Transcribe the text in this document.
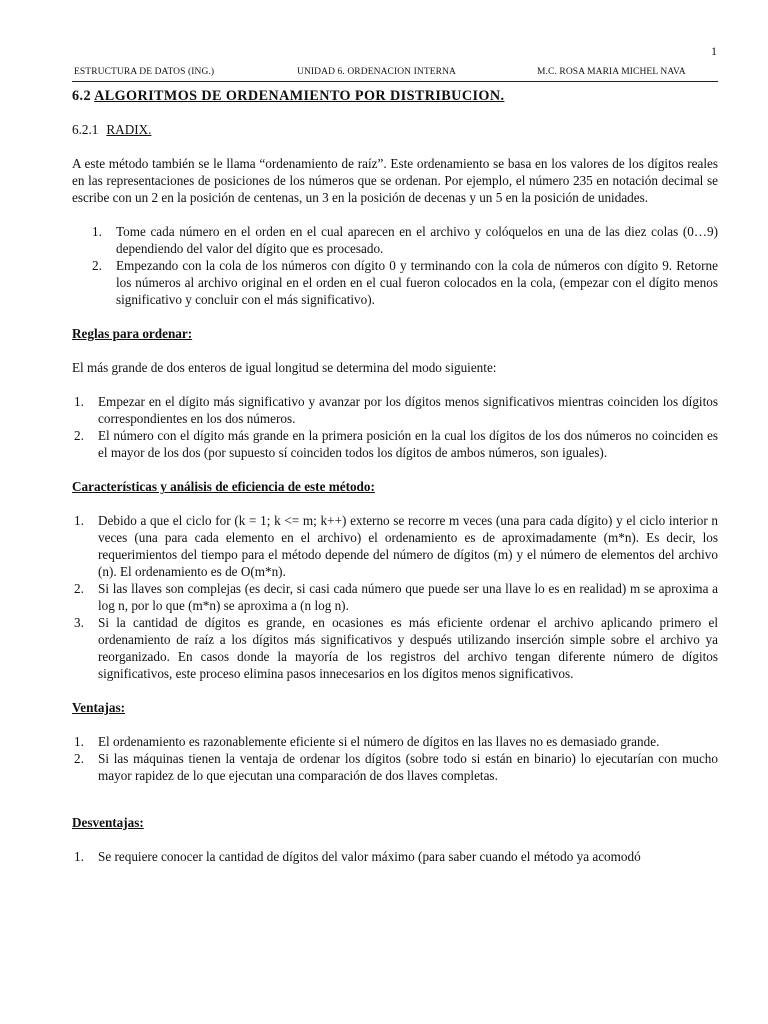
1
ESTRUCTURA DE DATOS (ING.)	UNIDAD 6. ORDENACION INTERNA	M.C. ROSA MARIA MICHEL NAVA
6.2 ALGORITMOS DE ORDENAMIENTO POR DISTRIBUCION.
6.2.1 RADIX.

A este método también se le llama “ordenamiento de raíz”. Este ordenamiento se basa en los valores de los dígitos reales en las representaciones de posiciones de los números que se ordenan. Por ejemplo, el número 235 en notación decimal se escribe con un 2 en la posición de centenas, un 3 en la posición de decenas y un 5 en la posición de unidades.

1. Tome cada número en el orden en el cual aparecen en el archivo y colóquelos en una de las diez colas (0…9) dependiendo del valor del dígito que es procesado.
2. Empezando con la cola de los números con dígito 0 y terminando con la cola de números con dígito 9. Retorne los números al archivo original en el orden en el cual fueron colocados en la cola, (empezar con el dígito menos significativo y concluir con el más significativo).

Reglas para ordenar:

El más grande de dos enteros de igual longitud se determina del modo siguiente:

1. Empezar en el dígito más significativo y avanzar por los dígitos menos significativos mientras coinciden los dígitos correspondientes en los dos números.
2. El número con el dígito más grande en la primera posición en la cual los dígitos de los dos números no coinciden es el mayor de los dos (por supuesto sí coinciden todos los dígitos de ambos números, son iguales).

Características y análisis de eficiencia de este método:

1. Debido a que el ciclo for (k = 1; k <= m; k++) externo se recorre m veces (una para cada dígito) y el ciclo interior n veces (una para cada elemento en el archivo) el ordenamiento es de aproximadamente (m*n). Es decir, los requerimientos del tiempo para el método depende del número de dígitos (m) y el número de elementos del archivo (n). El ordenamiento es de O(m*n).
2. Si las llaves son complejas (es decir, si casi cada número que puede ser una llave lo es en realidad) m se aproxima a log n, por lo que (m*n) se aproxima a (n log n).
3. Si la cantidad de dígitos es grande, en ocasiones es más eficiente ordenar el archivo aplicando primero el ordenamiento de raíz a los dígitos más significativos y después utilizando inserción simple sobre el archivo ya reorganizado. En casos donde la mayoría de los registros del archivo tengan diferente número de dígitos significativos, este proceso elimina pasos innecesarios en los dígitos menos significativos.

Ventajas:

1. El ordenamiento es razonablemente eficiente si el número de dígitos en las llaves no es demasiado grande.
2. Si las máquinas tienen la ventaja de ordenar los dígitos (sobre todo si están en binario) lo ejecutarían con mucho mayor rapidez de lo que ejecutan una comparación de dos llaves completas.

Desventajas:

1. Se requiere conocer la cantidad de dígitos del valor máximo (para saber cuando el método ya acomodó
